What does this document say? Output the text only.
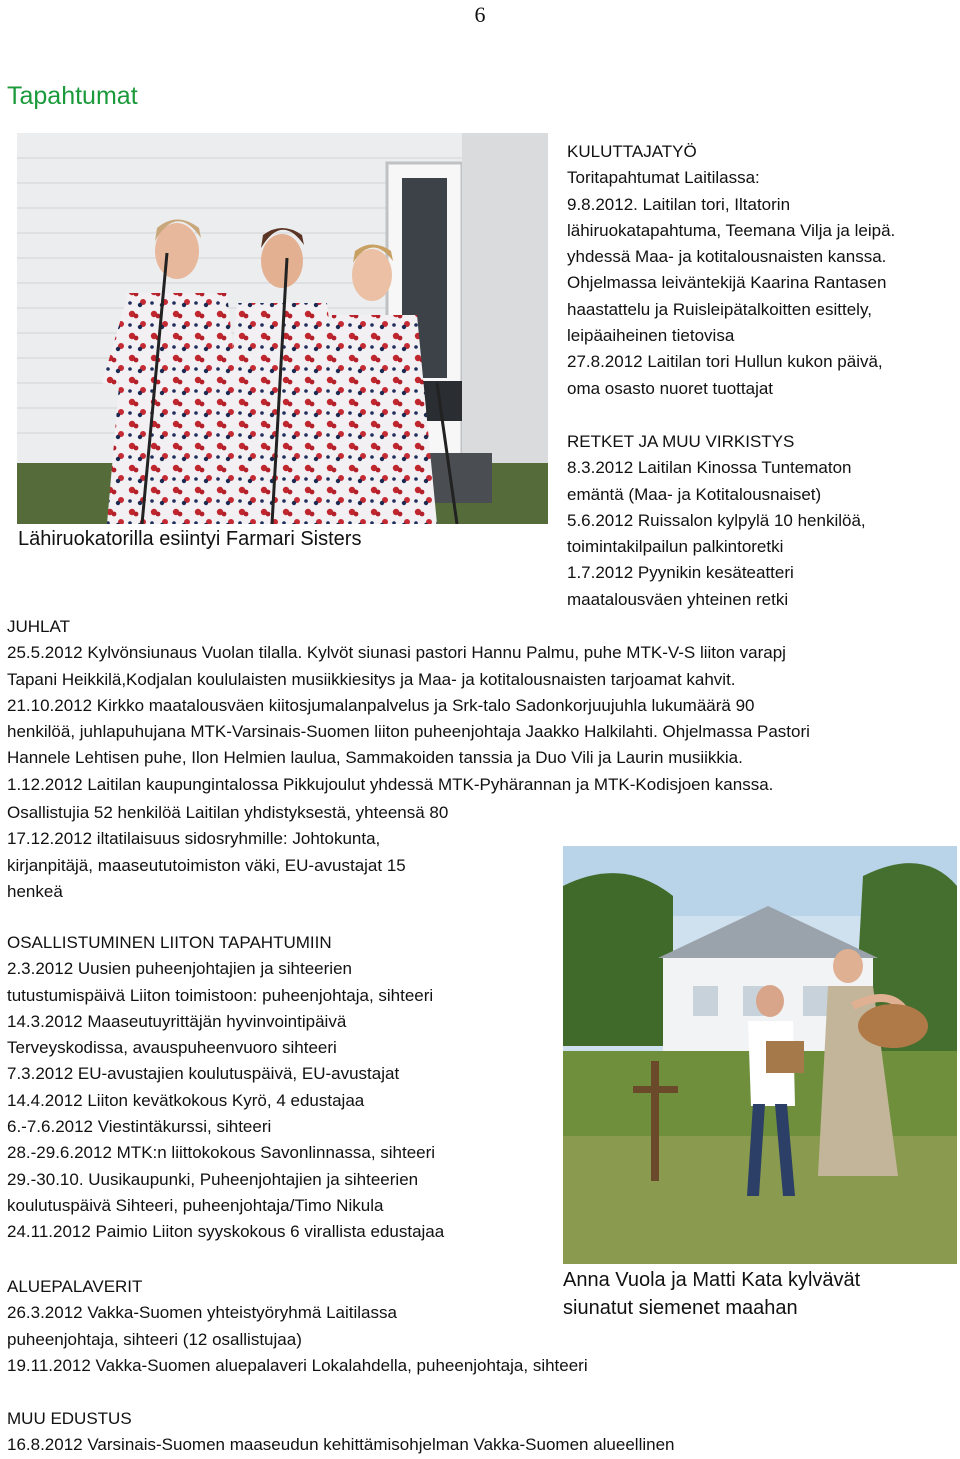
6
Tapahtumat
Lähiruokatorilla esiintyi Farmari Sisters
KULUTTAJATYÖ
Toritapahtumat Laitilassa:
9.8.2012. Laitilan tori, Iltatorin
lähiruokatapahtuma, Teemana Vilja ja leipä.
yhdessä Maa- ja kotitalousnaisten kanssa.
Ohjelmassa leiväntekijä Kaarina Rantasen
haastattelu ja Ruisleipätalkoitten esittely,
leipäaiheinen tietovisa
27.8.2012 Laitilan tori Hullun kukon päivä,
oma osasto nuoret tuottajat
RETKET JA MUU VIRKISTYS
8.3.2012 Laitilan Kinossa Tuntematon
emäntä (Maa- ja Kotitalousnaiset)
5.6.2012 Ruissalon kylpylä 10 henkilöä,
toimintakilpailun palkintoretki
1.7.2012 Pyynikin kesäteatteri
maatalousväen yhteinen retki
JUHLAT
25.5.2012 Kylvönsiunaus Vuolan tilalla. Kylvöt siunasi pastori Hannu Palmu, puhe MTK-V-S liiton varapj
Tapani Heikkilä,Kodjalan koululaisten musiikkiesitys ja Maa- ja kotitalousnaisten tarjoamat kahvit.
21.10.2012 Kirkko maatalousväen kiitosjumalanpalvelus ja Srk-talo Sadonkorjuujuhla lukumäärä 90
henkilöä, juhlapuhujana MTK-Varsinais-Suomen liiton puheenjohtaja Jaakko Halkilahti. Ohjelmassa Pastori
Hannele Lehtisen puhe, Ilon Helmien laulua, Sammakoiden tanssia ja Duo Vili ja Laurin musiikkia.
1.12.2012 Laitilan kaupungintalossa Pikkujoulut yhdessä MTK-Pyhärannan ja MTK-Kodisjoen kanssa.
Osallistujia 52 henkilöä Laitilan yhdistyksestä, yhteensä 80
17.12.2012 iltatilaisuus sidosryhmille: Johtokunta,
kirjanpitäjä, maaseututoimiston väki, EU-avustajat 15
henkeä
Anna Vuola ja Matti Kata kylvävät
siunatut siemenet maahan
OSALLISTUMINEN LIITON TAPAHTUMIIN
2.3.2012 Uusien puheenjohtajien ja sihteerien
tutustumispäivä Liiton toimistoon: puheenjohtaja, sihteeri
14.3.2012 Maaseutuyrittäjän hyvinvointipäivä
Terveyskodissa, avauspuheenvuoro sihteeri
7.3.2012 EU-avustajien koulutuspäivä, EU-avustajat
14.4.2012 Liiton kevätkokous Kyrö, 4 edustajaa
6.-7.6.2012 Viestintäkurssi, sihteeri
28.-29.6.2012 MTK:n liittokokous Savonlinnassa, sihteeri
29.-30.10. Uusikaupunki, Puheenjohtajien ja sihteerien
koulutuspäivä Sihteeri, puheenjohtaja/Timo Nikula
24.11.2012 Paimio Liiton syyskokous 6 virallista edustajaa
ALUEPALAVERIT
26.3.2012 Vakka-Suomen yhteistyöryhmä Laitilassa
puheenjohtaja, sihteeri (12 osallistujaa)
19.11.2012 Vakka-Suomen aluepalaveri Lokalahdella, puheenjohtaja, sihteeri
MUU EDUSTUS
16.8.2012 Varsinais-Suomen maaseudun kehittämisohjelman Vakka-Suomen alueellinen
